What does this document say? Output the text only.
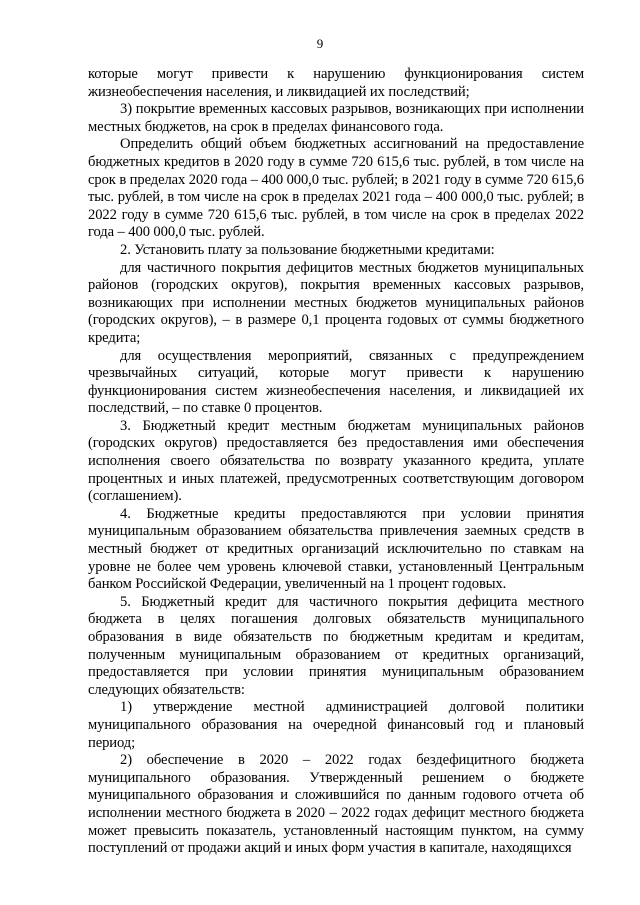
9

которые могут привести к нарушению функционирования систем жизнеобеспечения населения, и ликвидацией их последствий;

3) покрытие временных кассовых разрывов, возникающих при исполнении местных бюджетов, на срок в пределах финансового года.

Определить общий объем бюджетных ассигнований на предоставление бюджетных кредитов в 2020 году в сумме 720 615,6 тыс. рублей, в том числе на срок в пределах 2020 года – 400 000,0 тыс. рублей; в 2021 году в сумме 720 615,6 тыс. рублей, в том числе на срок в пределах 2021 года – 400 000,0 тыс. рублей; в 2022 году в сумме 720 615,6 тыс. рублей, в том числе на срок в пределах 2022 года – 400 000,0 тыс. рублей.

2. Установить плату за пользование бюджетными кредитами:

для частичного покрытия дефицитов местных бюджетов муниципальных районов (городских округов), покрытия временных кассовых разрывов, возникающих при исполнении местных бюджетов муниципальных районов (городских округов), – в размере 0,1 процента годовых от суммы бюджетного кредита;

для осуществления мероприятий, связанных с предупреждением чрезвычайных ситуаций, которые могут привести к нарушению функционирования систем жизнеобеспечения населения, и ликвидацией их последствий, – по ставке 0 процентов.

3. Бюджетный кредит местным бюджетам муниципальных районов (городских округов) предоставляется без предоставления ими обеспечения исполнения своего обязательства по возврату указанного кредита, уплате процентных и иных платежей, предусмотренных соответствующим договором (соглашением).

4. Бюджетные кредиты предоставляются при условии принятия муниципальным образованием обязательства привлечения заемных средств в местный бюджет от кредитных организаций исключительно по ставкам на уровне не более чем уровень ключевой ставки, установленный Центральным банком Российской Федерации, увеличенный на 1 процент годовых.

5. Бюджетный кредит для частичного покрытия дефицита местного бюджета в целях погашения долговых обязательств муниципального образования в виде обязательств по бюджетным кредитам и кредитам, полученным муниципальным образованием от кредитных организаций, предоставляется при условии принятия муниципальным образованием следующих обязательств:

1) утверждение местной администрацией долговой политики муниципального образования на очередной финансовый год и плановый период;

2) обеспечение в 2020 – 2022 годах бездефицитного бюджета муниципального образования. Утвержденный решением о бюджете муниципального образования и сложившийся по данным годового отчета об исполнении местного бюджета в 2020 – 2022 годах дефицит местного бюджета может превысить показатель, установленный настоящим пунктом, на сумму поступлений от продажи акций и иных форм участия в капитале, находящихся
